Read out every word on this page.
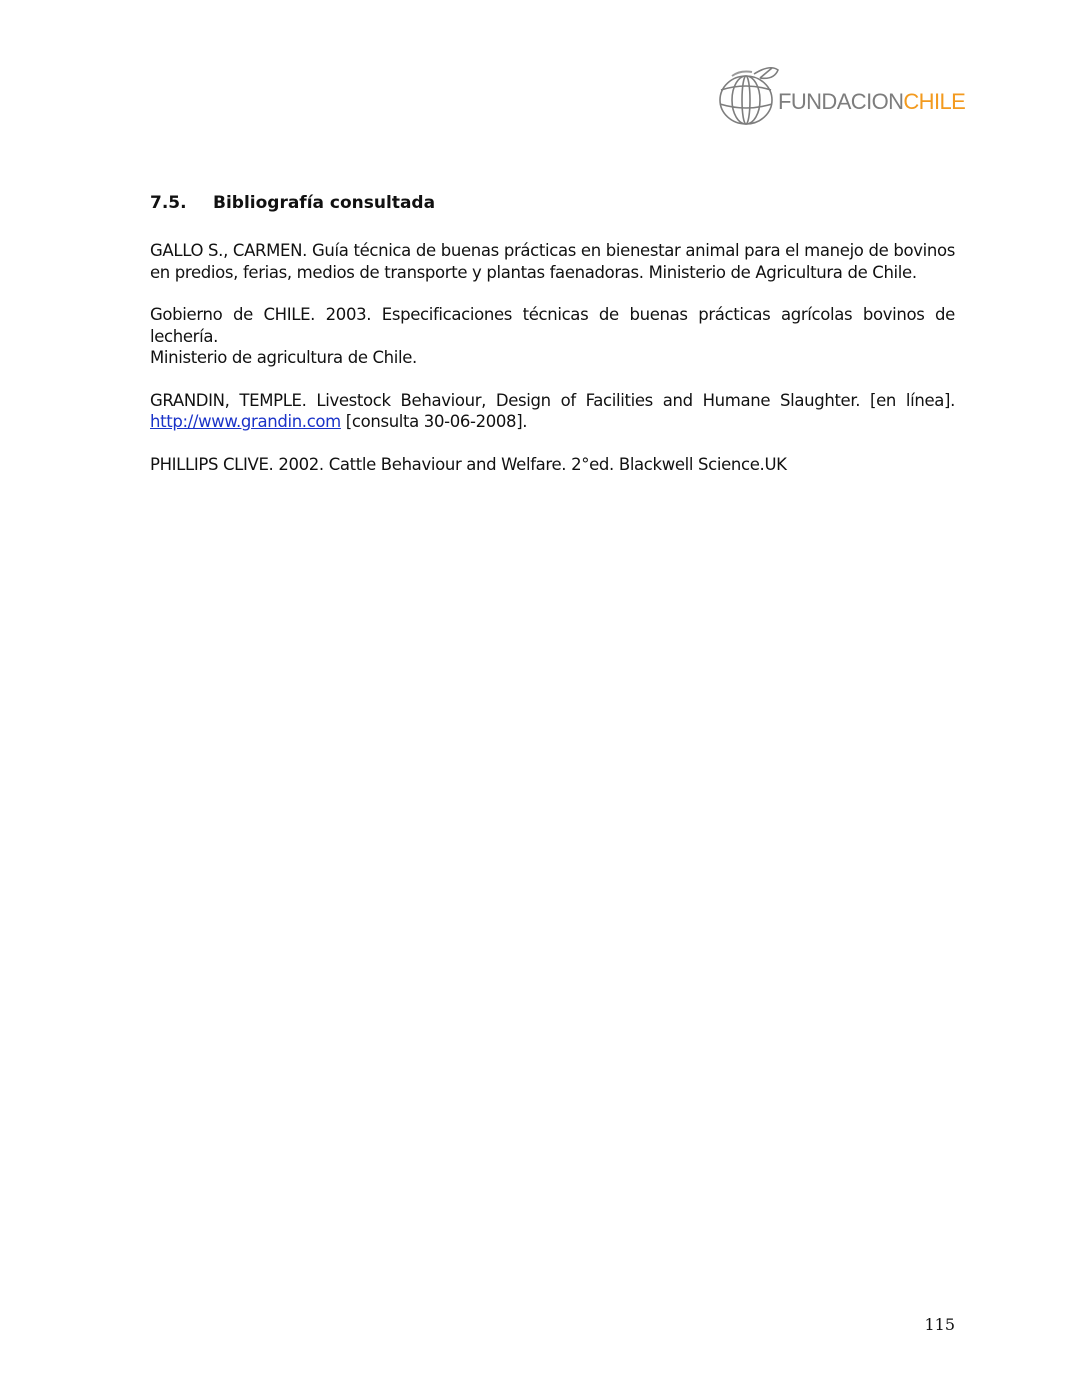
FUNDACIONCHILE
7.5. Bibliografía consultada
GALLO S., CARMEN. Guía técnica de buenas prácticas en bienestar animal para el manejo de bovinos
en predios, ferias, medios de transporte y plantas faenadoras. Ministerio de Agricultura de Chile.
Gobierno de CHILE. 2003. Especificaciones técnicas de buenas prácticas agrícolas bovinos de lechería.
Ministerio de agricultura de Chile.
GRANDIN, TEMPLE. Livestock Behaviour, Design of Facilities and Humane Slaughter. [en línea].
http://www.grandin.com [consulta 30-06-2008].
PHILLIPS CLIVE. 2002. Cattle Behaviour and Welfare. 2°ed. Blackwell Science.UK
115
